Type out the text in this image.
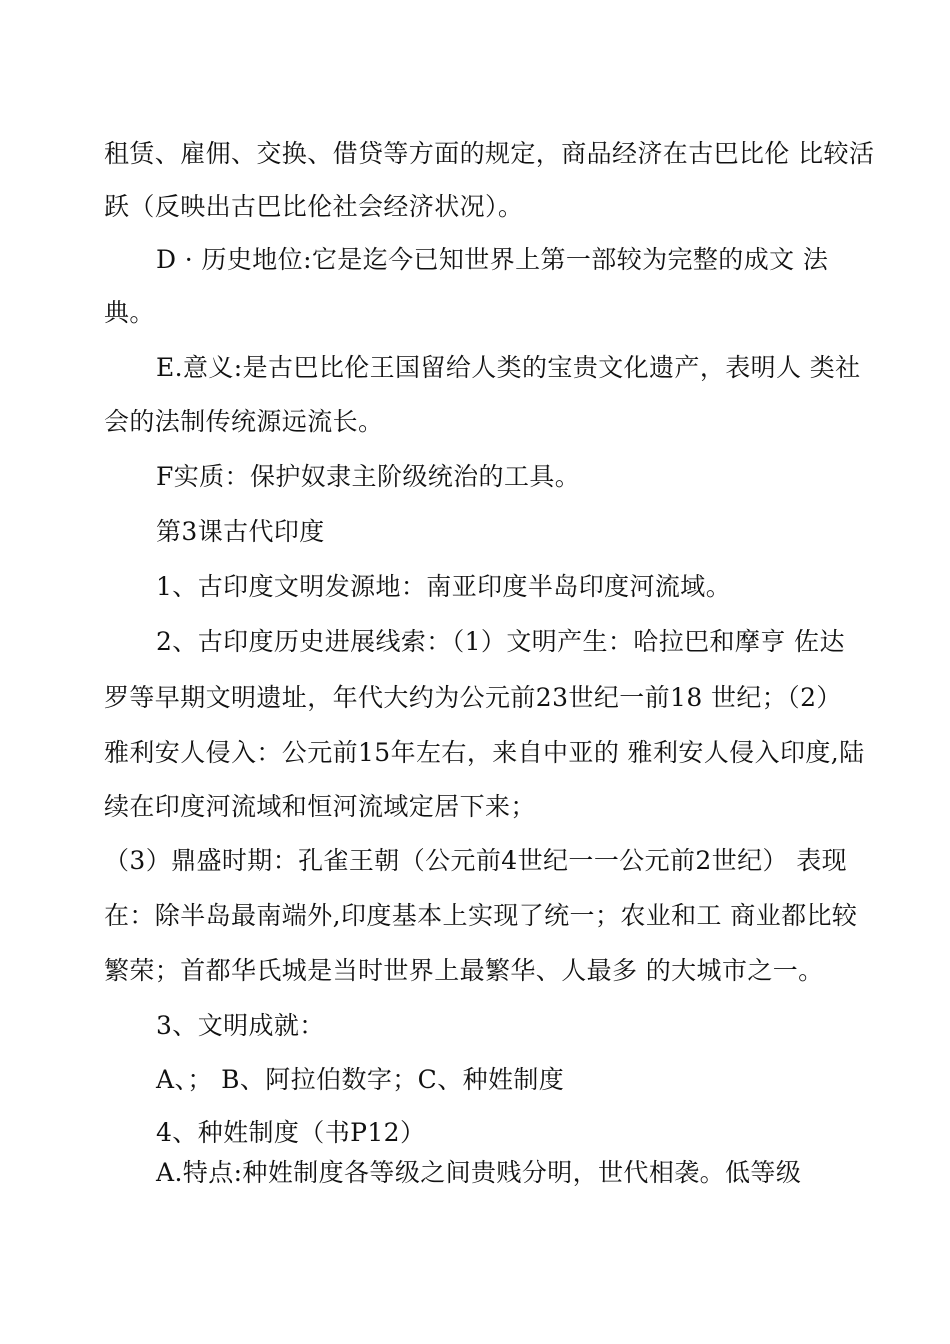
租赁、雇佣、交换、借贷等方面的规定，商品经济在古巴比伦 比较活
跃（反映出古巴比伦社会经济状况）。
D · 历史地位:它是迄今已知世界上第一部较为完整的成文 法
典。
E.意义:是古巴比伦王国留给人类的宝贵文化遗产，表明人 类社
会的法制传统源远流长。
F实质：保护奴隶主阶级统治的工具。
第3课古代印度
1、古印度文明发源地：南亚印度半岛印度河流域。
2、古印度历史进展线索：（1）文明产生：哈拉巴和摩亨 佐达
罗等早期文明遗址，年代大约为公元前23世纪一前18 世纪；（2）
雅利安人侵入：公元前15年左右，来自中亚的 雅利安人侵入印度,陆
续在印度河流域和恒河流域定居下来；
（3）鼎盛时期：孔雀王朝（公元前4世纪一一公元前2世纪） 表现
在：除半岛最南端外,印度基本上实现了统一；农业和工 商业都比较
繁荣；首都华氏城是当时世界上最繁华、人最多 的大城市之一。
3、文明成就：
A、； B、阿拉伯数字；C、种姓制度
4、种姓制度（书P12）
A.特点:种姓制度各等级之间贵贱分明，世代相袭。低等级
